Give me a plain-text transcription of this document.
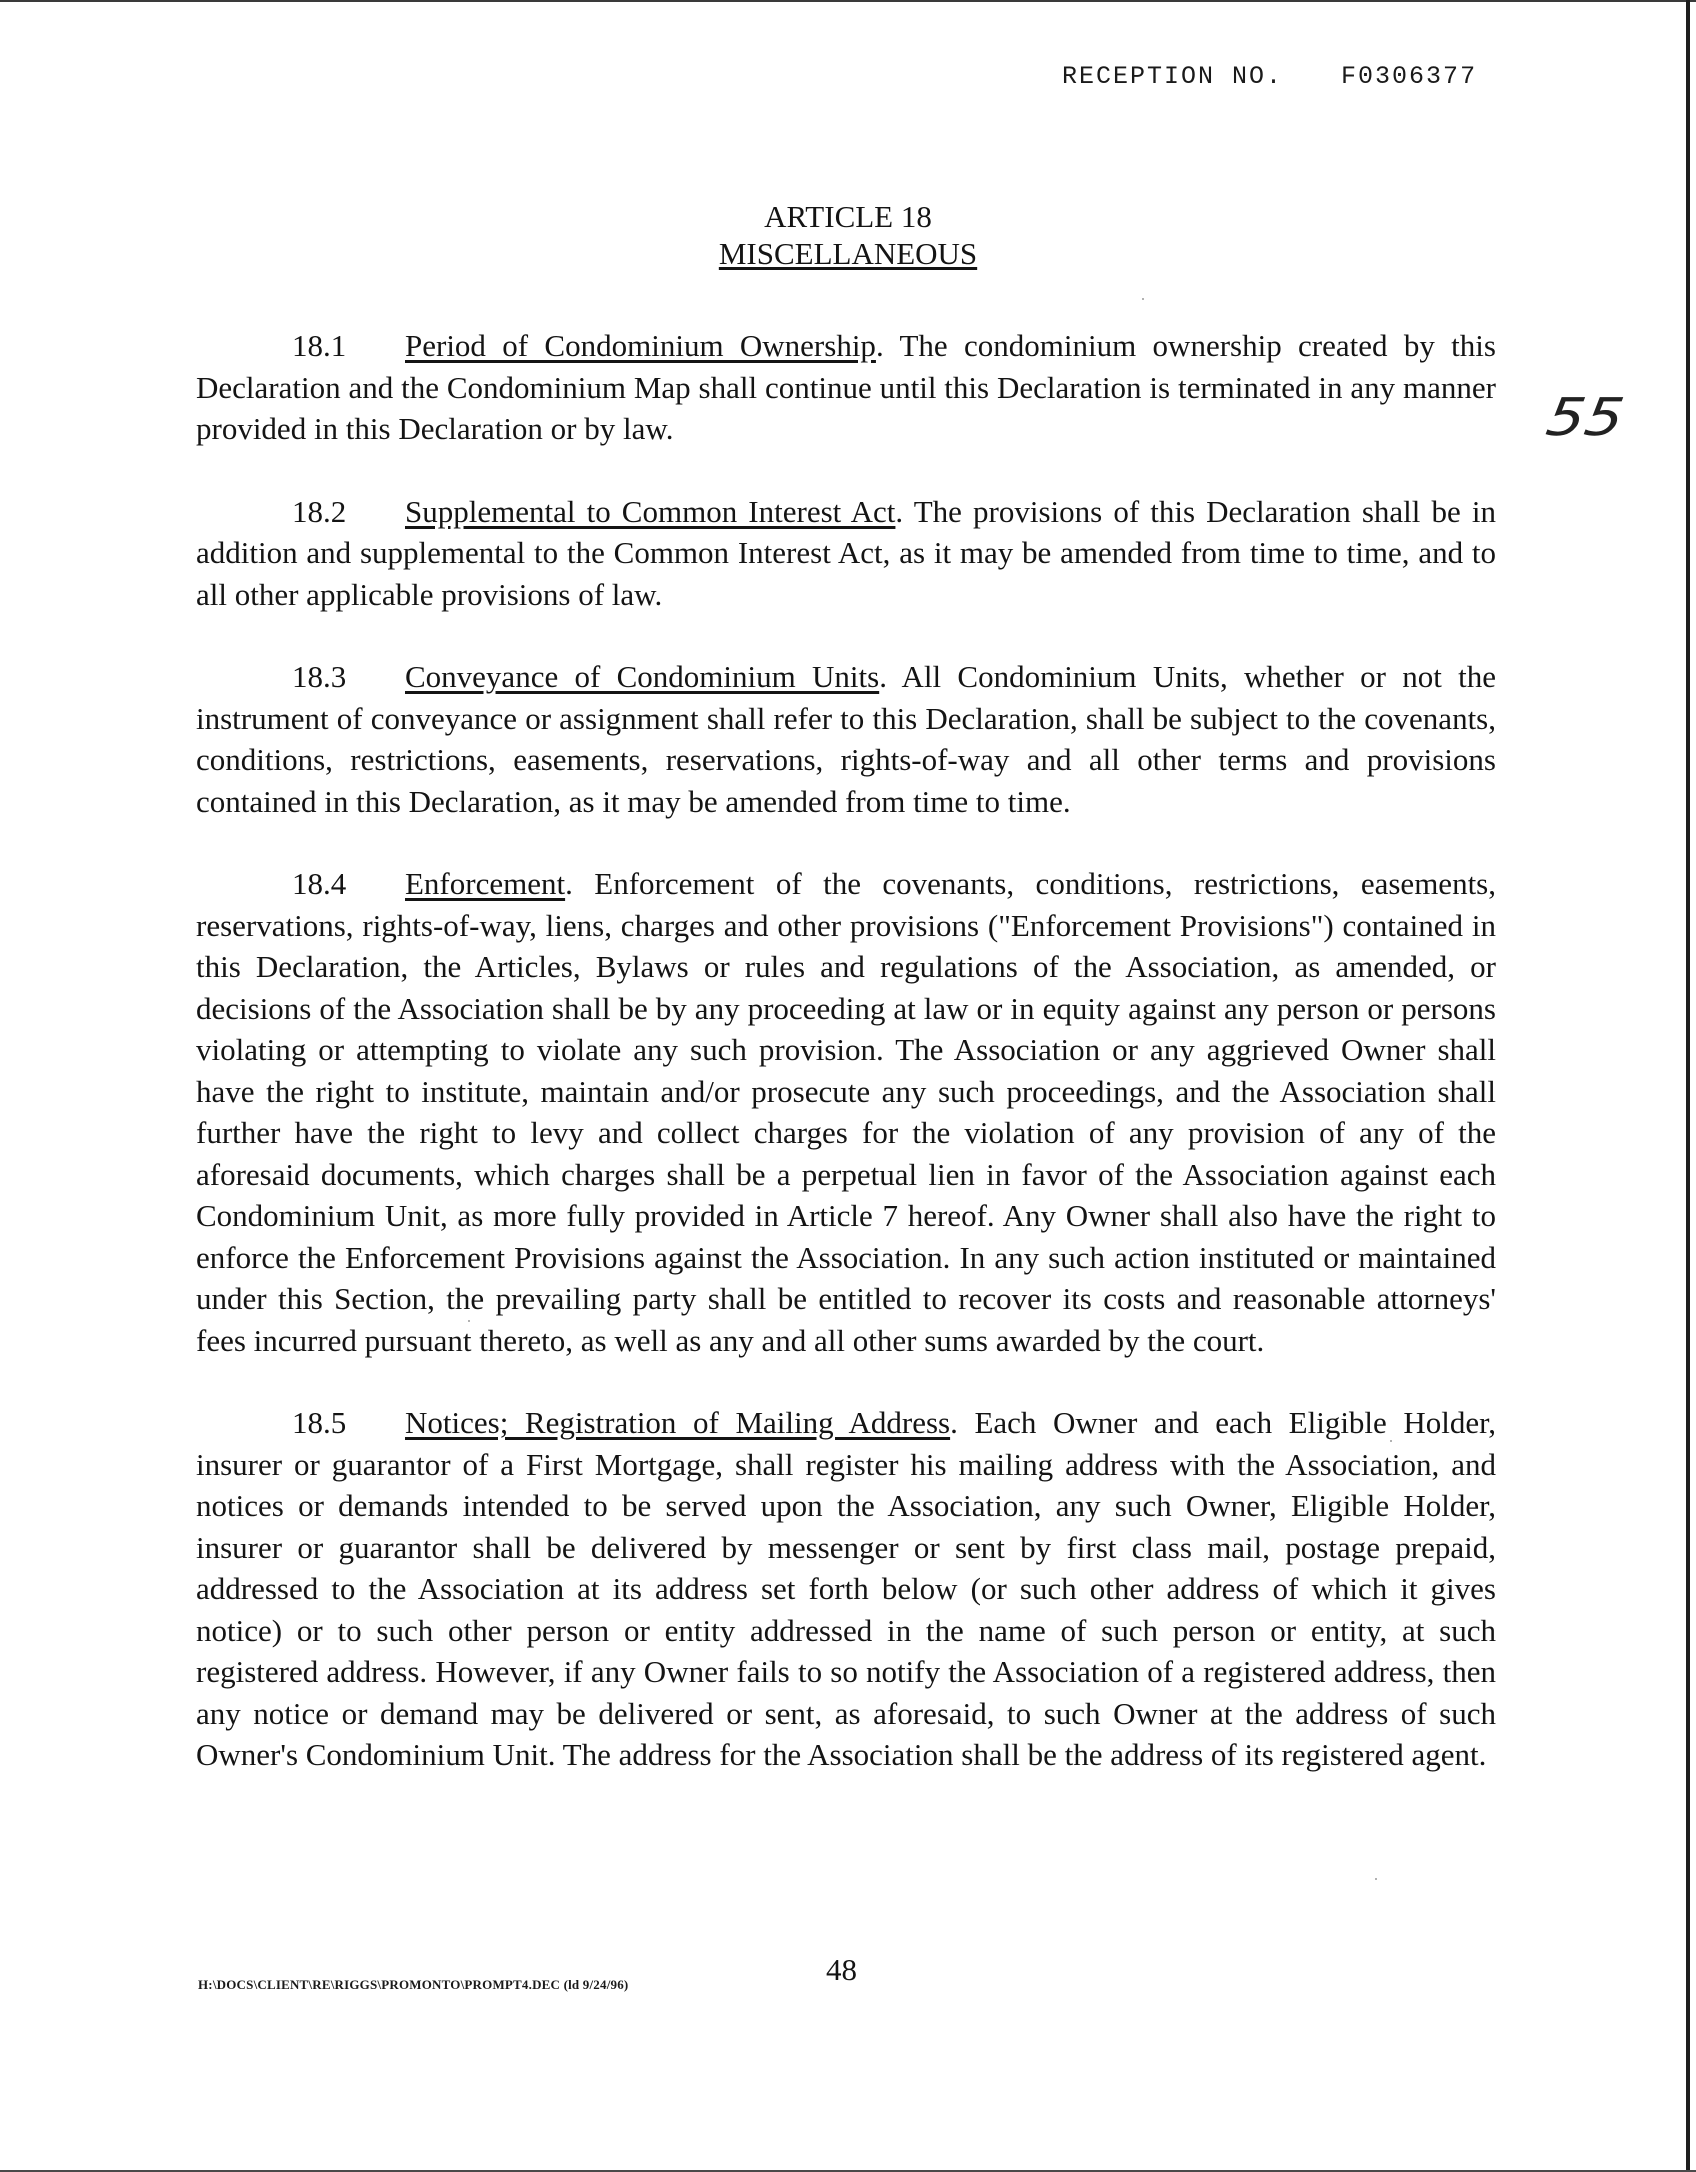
RECEPTION NO. F0306377
ARTICLE 18
MISCELLANEOUS
55

18.1 Period of Condominium Ownership. The condominium ownership created by this Declaration and the Condominium Map shall continue until this Declaration is terminated in any manner provided in this Declaration or by law.

18.2 Supplemental to Common Interest Act. The provisions of this Declaration shall be in addition and supplemental to the Common Interest Act, as it may be amended from time to time, and to all other applicable provisions of law.

18.3 Conveyance of Condominium Units. All Condominium Units, whether or not the instrument of conveyance or assignment shall refer to this Declaration, shall be subject to the covenants, conditions, restrictions, easements, reservations, rights-of-way and all other terms and provisions contained in this Declaration, as it may be amended from time to time.

18.4 Enforcement. Enforcement of the covenants, conditions, restrictions, easements, reservations, rights-of-way, liens, charges and other provisions ("Enforcement Provisions") contained in this Declaration, the Articles, Bylaws or rules and regulations of the Association, as amended, or decisions of the Association shall be by any proceeding at law or in equity against any person or persons violating or attempting to violate any such provision. The Association or any aggrieved Owner shall have the right to institute, maintain and/or prosecute any such proceedings, and the Association shall further have the right to levy and collect charges for the violation of any provision of any of the aforesaid documents, which charges shall be a perpetual lien in favor of the Association against each Condominium Unit, as more fully provided in Article 7 hereof. Any Owner shall also have the right to enforce the Enforcement Provisions against the Association. In any such action instituted or maintained under this Section, the prevailing party shall be entitled to recover its costs and reasonable attorneys' fees incurred pursuant thereto, as well as any and all other sums awarded by the court.

18.5 Notices; Registration of Mailing Address. Each Owner and each Eligible Holder, insurer or guarantor of a First Mortgage, shall register his mailing address with the Association, and notices or demands intended to be served upon the Association, any such Owner, Eligible Holder, insurer or guarantor shall be delivered by messenger or sent by first class mail, postage prepaid, addressed to the Association at its address set forth below (or such other address of which it gives notice) or to such other person or entity addressed in the name of such person or entity, at such registered address. However, if any Owner fails to so notify the Association of a registered address, then any notice or demand may be delivered or sent, as aforesaid, to such Owner at the address of such Owner's Condominium Unit. The address for the Association shall be the address of its registered agent.

H:\DOCS\CLIENT\RE\RIGGS\PROMONTO\PROMPT4.DEC (ld 9/24/96)	48
